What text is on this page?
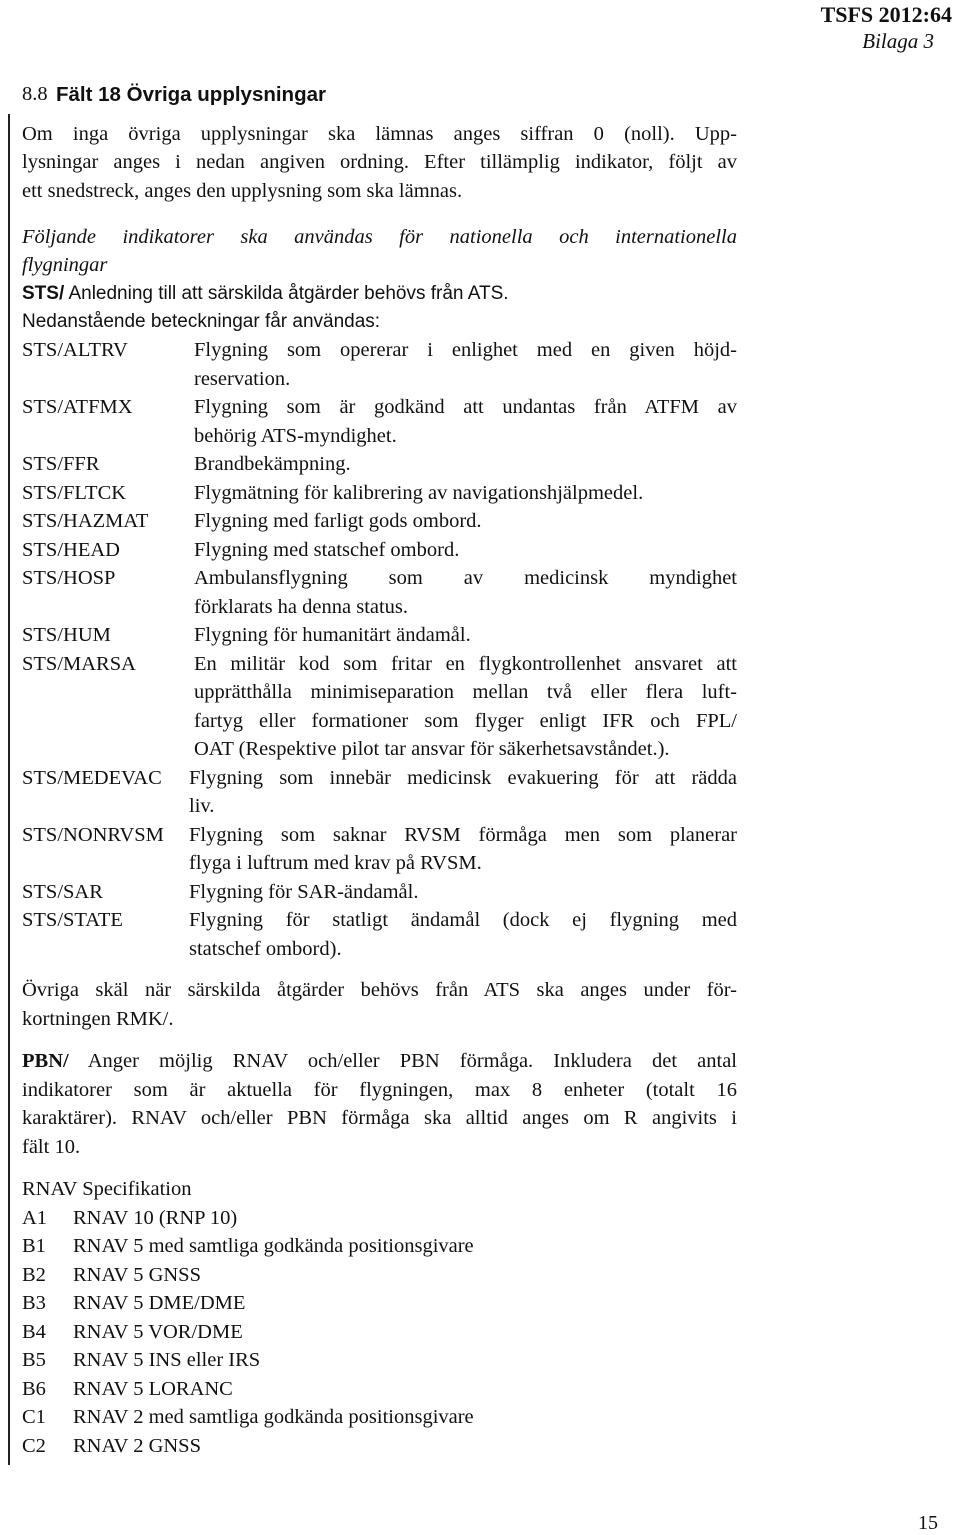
TSFS 2012:64
Bilaga 3
8.8 Fält 18 Övriga upplysningar
Om inga övriga upplysningar ska lämnas anges siffran 0 (noll). Upp-
lysningar anges i nedan angiven ordning. Efter tillämplig indikator, följt av
ett snedstreck, anges den upplysning som ska lämnas.
Följande indikatorer ska användas för nationella och internationella
flygningar
STS/ Anledning till att särskilda åtgärder behövs från ATS.
Nedanstående beteckningar får användas:
STS/ALTRV	Flygning som opererar i enlighet med en given höjd-
reservation.
STS/ATFMX	Flygning som är godkänd att undantas från ATFM av
behörig ATS-myndighet.
STS/FFR	Brandbekämpning.
STS/FLTCK	Flygmätning för kalibrering av navigationshjälpmedel.
STS/HAZMAT	Flygning med farligt gods ombord.
STS/HEAD	Flygning med statschef ombord.
STS/HOSP	Ambulansflygning som av medicinsk myndighet
förklarats ha denna status.
STS/HUM	Flygning för humanitärt ändamål.
STS/MARSA	En militär kod som fritar en flygkontrollenhet ansvaret att
upprätthålla minimiseparation mellan två eller flera luft-
fartyg eller formationer som flyger enligt IFR och FPL/
OAT (Respektive pilot tar ansvar för säkerhetsavståndet.).
STS/MEDEVAC	Flygning som innebär medicinsk evakuering för att rädda
liv.
STS/NONRVSM	Flygning som saknar RVSM förmåga men som planerar
flyga i luftrum med krav på RVSM.
STS/SAR	Flygning för SAR-ändamål.
STS/STATE	Flygning för statligt ändamål (dock ej flygning med
statschef ombord).
Övriga skäl när särskilda åtgärder behövs från ATS ska anges under för-
kortningen RMK/.
PBN/ Anger möjlig RNAV och/eller PBN förmåga. Inkludera det antal
indikatorer som är aktuella för flygningen, max 8 enheter (totalt 16
karaktärer). RNAV och/eller PBN förmåga ska alltid anges om R angivits i
fält 10.
RNAV Specifikation
A1	RNAV 10 (RNP 10)
B1	RNAV 5 med samtliga godkända positionsgivare
B2	RNAV 5 GNSS
B3	RNAV 5 DME/DME
B4	RNAV 5 VOR/DME
B5	RNAV 5 INS eller IRS
B6	RNAV 5 LORANC
C1	RNAV 2 med samtliga godkända positionsgivare
C2	RNAV 2 GNSS
15
